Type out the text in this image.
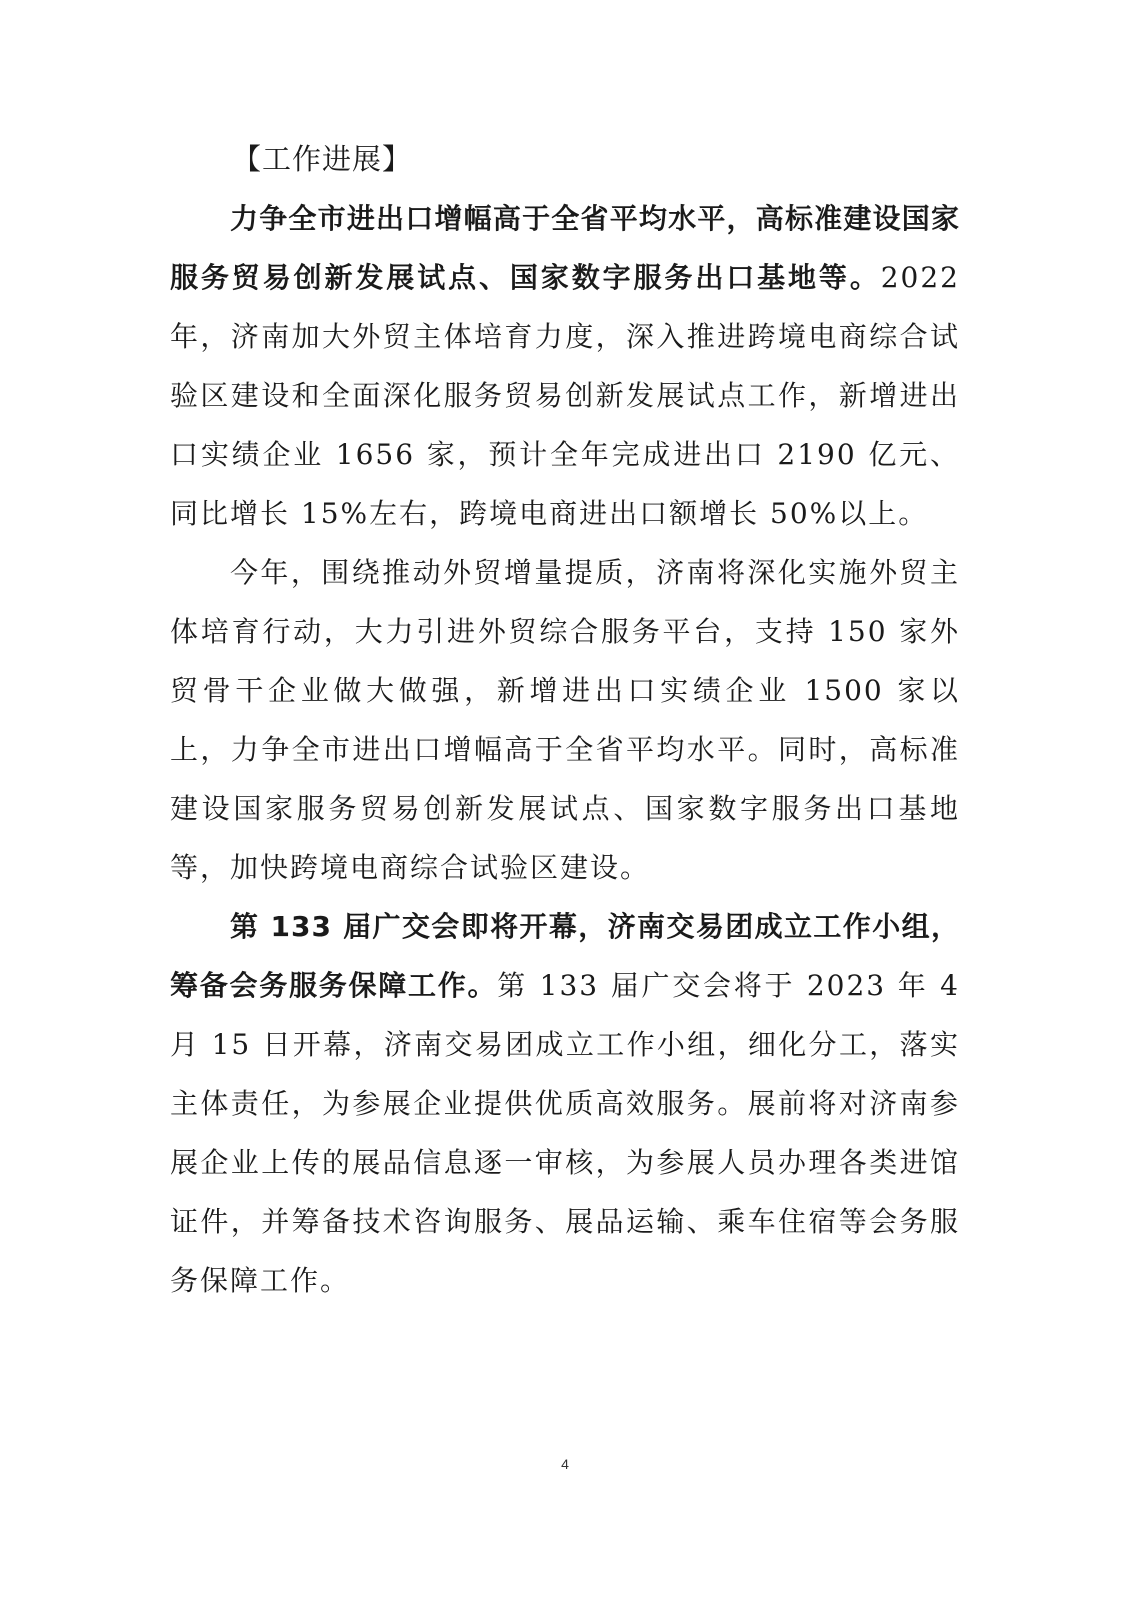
【工作进展】

力争全市进出口增幅高于全省平均水平，高标准建设国家服务贸易创新发展试点、国家数字服务出口基地等。2022年，济南加大外贸主体培育力度，深入推进跨境电商综合试验区建设和全面深化服务贸易创新发展试点工作，新增进出口实绩企业 1656 家，预计全年完成进出口 2190 亿元、同比增长 15%左右，跨境电商进出口额增长 50%以上。

今年，围绕推动外贸增量提质，济南将深化实施外贸主体培育行动，大力引进外贸综合服务平台，支持 150 家外贸骨干企业做大做强，新增进出口实绩企业 1500 家以上，力争全市进出口增幅高于全省平均水平。同时，高标准建设国家服务贸易创新发展试点、国家数字服务出口基地等，加快跨境电商综合试验区建设。

第 133 届广交会即将开幕，济南交易团成立工作小组，筹备会务服务保障工作。第 133 届广交会将于 2023 年 4 月 15 日开幕，济南交易团成立工作小组，细化分工，落实主体责任，为参展企业提供优质高效服务。展前将对济南参展企业上传的展品信息逐一审核，为参展人员办理各类进馆证件，并筹备技术咨询服务、展品运输、乘车住宿等会务服务保障工作。

4
